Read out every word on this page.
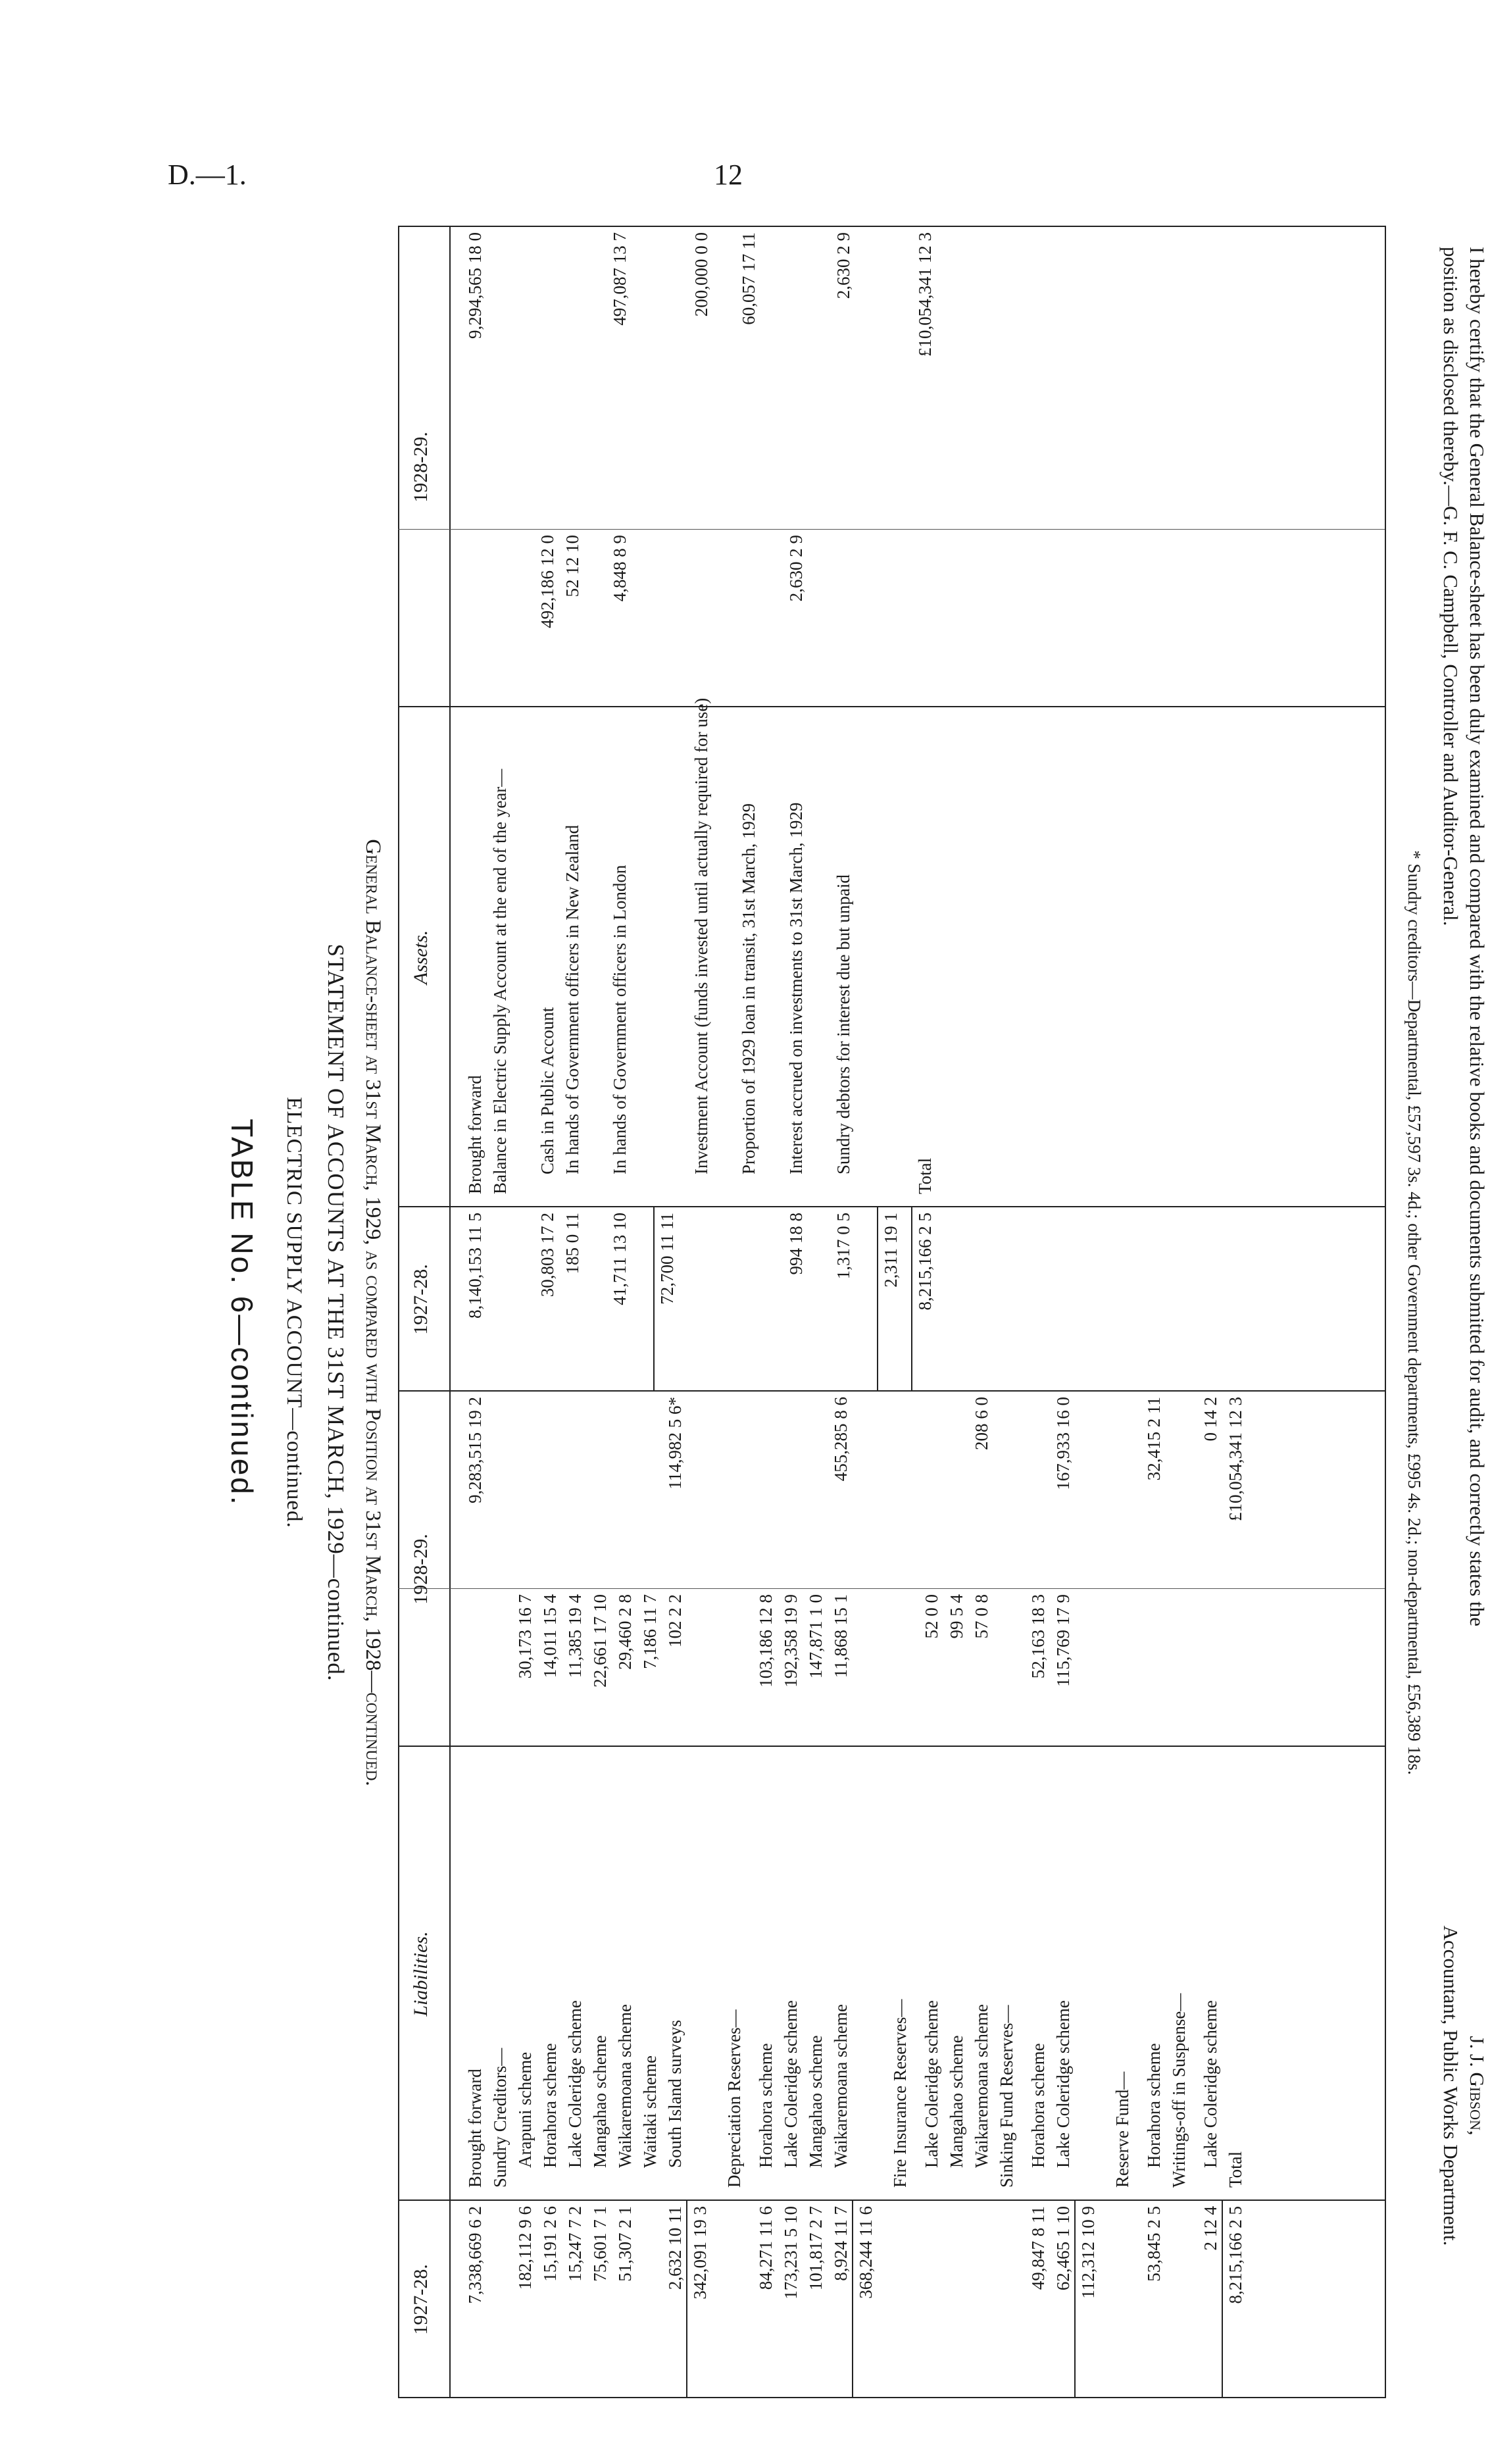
D.—1.	12
TABLE No. 6—continued. ELECTRIC SUPPLY ACCOUNT—continued. STATEMENT OF ACCOUNTS AT THE 31ST MARCH, 1929—continued. General Balance-sheet at 31st March, 1929, as compared with Position at 31st March, 1928—continued.
1927-28.
Liabilities.
1928-29.
1927-28.
Assets.
1928-29.
Brought forward
7,338,669 6 2
9,283,515 19 2
Sundry Creditors— Arapuni scheme
182,112 9 6
30,173 16 7
Horahora scheme
15,191 2 6
14,011 15 4
Lake Coleridge scheme
15,247 7 2
11,385 19 4
Mangahao scheme
75,601 7 1
22,661 17 10
Waikaremoana scheme
51,307 2 1
29,460 2 8
Waitaki scheme
7,186 11 7
South Island surveys
2,632 10 11
102 2 2
114,982 5 6*
342,091 19 3
Depreciation Reserves— Horahora scheme
84,271 11 6
103,186 12 8
Lake Coleridge scheme
173,231 5 10
192,358 19 9
Mangahao scheme
101,817 2 7
147,871 1 0
Waikaremoana scheme
8,924 11 7
11,868 15 1
455,285 8 6
368,244 11 6
Fire Insurance Reserves— Lake Coleridge scheme
52 0 0
Mangahao scheme
99 5 4
Waikaremoana scheme
57 0 8
208 6 0
Sinking Fund Reserves— Horahora scheme
49,847 8 11
52,163 18 3
Lake Coleridge scheme
62,465 1 10
115,769 17 9
167,933 16 0
112,312 10 9
Reserve Fund— Horahora scheme
53,845 2 5
32,415 2 11
Writings-off in Suspense— Lake Coleridge scheme
2 12 4
0 14 2
Total
8,215,166 2 5
£10,054,341 12 3
Brought forward
8,140,153 11 5
9,294,565 18 0
Balance in Electric Supply Account at the end of the year— Cash in Public Account
30,803 17 2
492,186 12 0
In hands of Government officers in New Zealand
185 0 11
52 12 10
In hands of Government officers in London
41,711 13 10
4,848 8 9
497,087 13 7
72,700 11 11
Investment Account (funds invested until actually required for use)
200,000 0 0
Proportion of 1929 loan in transit, 31st March, 1929
60,057 17 11
Interest accrued on investments to 31st March, 1929
994 18 8
2,630 2 9
Sundry debtors for interest due but unpaid
1,317 0 5
2,630 2 9
2,311 19 1
Total
8,215,166 2 5
£10,054,341 12 3
* Sundry creditors—Departmental, £57,597 3s. 4d.; other Government departments, £995 4s. 2d.; non-departmental, £56,389 18s.	I hereby certify that the General Balance-sheet has been duly examined and compared with the relative books and documents submitted for audit, and correctly states the position as disclosed thereby.—G. F. C. Campbell, Controller and Auditor-General.
J. J. Gibson,
Accountant, Public Works Department.
